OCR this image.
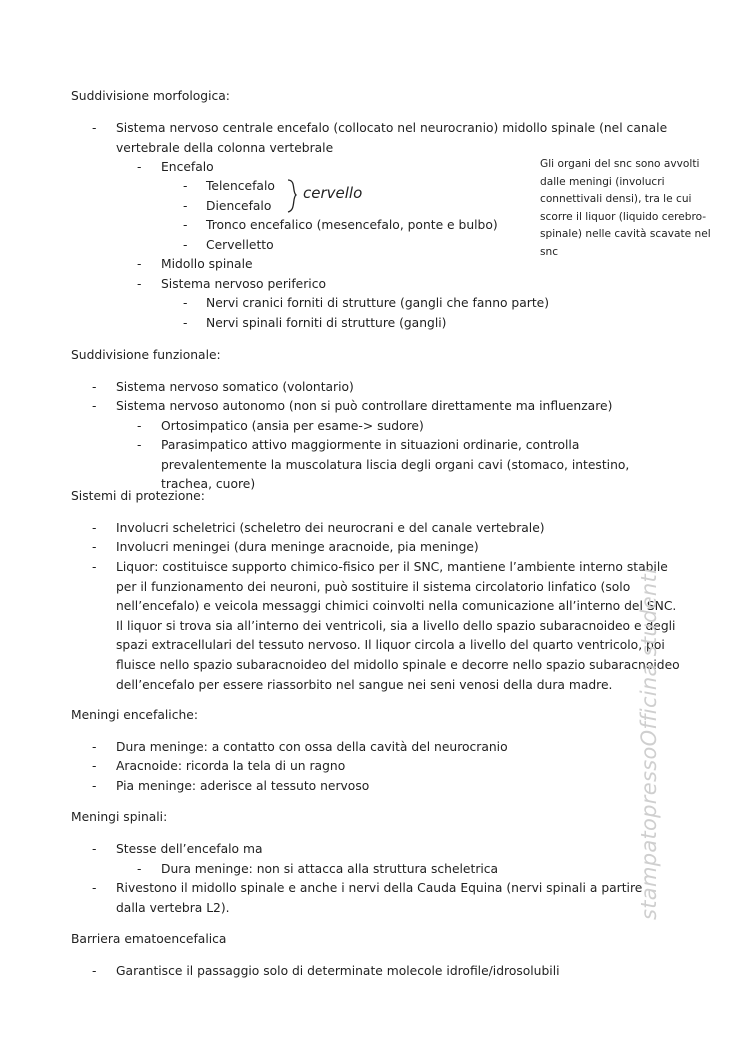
Suddivisione morfologica:
- Sistema nervoso centrale encefalo (collocato nel neurocranio) midollo spinale (nel canale vertebrale della colonna vertebrale
- Encefalo
- Telencefalo
- Diencefalo
cervello
- Tronco encefalico (mesencefalo, ponte e bulbo)
- Cervelletto
- Midollo spinale
- Sistema nervoso periferico
- Nervi cranici forniti di strutture (gangli che fanno parte)
- Nervi spinali forniti di strutture (gangli)
Gli organi del snc sono avvolti dalle meningi (involucri connettivali densi), tra le cui scorre il liquor (liquido cerebro-spinale) nelle cavità scavate nel snc
Suddivisione funzionale:
- Sistema nervoso somatico (volontario)
- Sistema nervoso autonomo (non si può controllare direttamente ma influenzare)
- Ortosimpatico (ansia per esame-> sudore)
- Parasimpatico attivo maggiormente in situazioni ordinarie, controlla prevalentemente la muscolatura liscia degli organi cavi (stomaco, intestino, trachea, cuore)
Sistemi di protezione:
- Involucri scheletrici (scheletro dei neurocrani e del canale vertebrale)
- Involucri meningei (dura meninge aracnoide, pia meninge)
- Liquor: costituisce supporto chimico-fisico per il SNC, mantiene l’ambiente interno stabile per il funzionamento dei neuroni, può sostituire il sistema circolatorio linfatico (solo nell’encefalo) e veicola messaggi chimici coinvolti nella comunicazione all’interno del SNC. Il liquor si trova sia all’interno dei ventricoli, sia a livello dello spazio subaracnoideo e degli spazi extracellulari del tessuto nervoso. Il liquor circola a livello del quarto ventricolo, poi fluisce nello spazio subaracnoideo del midollo spinale e decorre nello spazio subaracnoideo dell’encefalo per essere riassorbito nel sangue nei seni venosi della dura madre.
Meningi encefaliche:
- Dura meninge: a contatto con ossa della cavità del neurocranio
- Aracnoide: ricorda la tela di un ragno
- Pia meninge: aderisce al tessuto nervoso
Meningi spinali:
- Stesse dell’encefalo ma
- Dura meninge: non si attacca alla struttura scheletrica
- Rivestono il midollo spinale e anche i nervi della Cauda Equina (nervi spinali a partire dalla vertebra L2).
Barriera ematoencefalica
- Garantisce il passaggio solo di determinate molecole idrofile/idrosolubili
stampatopressoOfficina studenti
